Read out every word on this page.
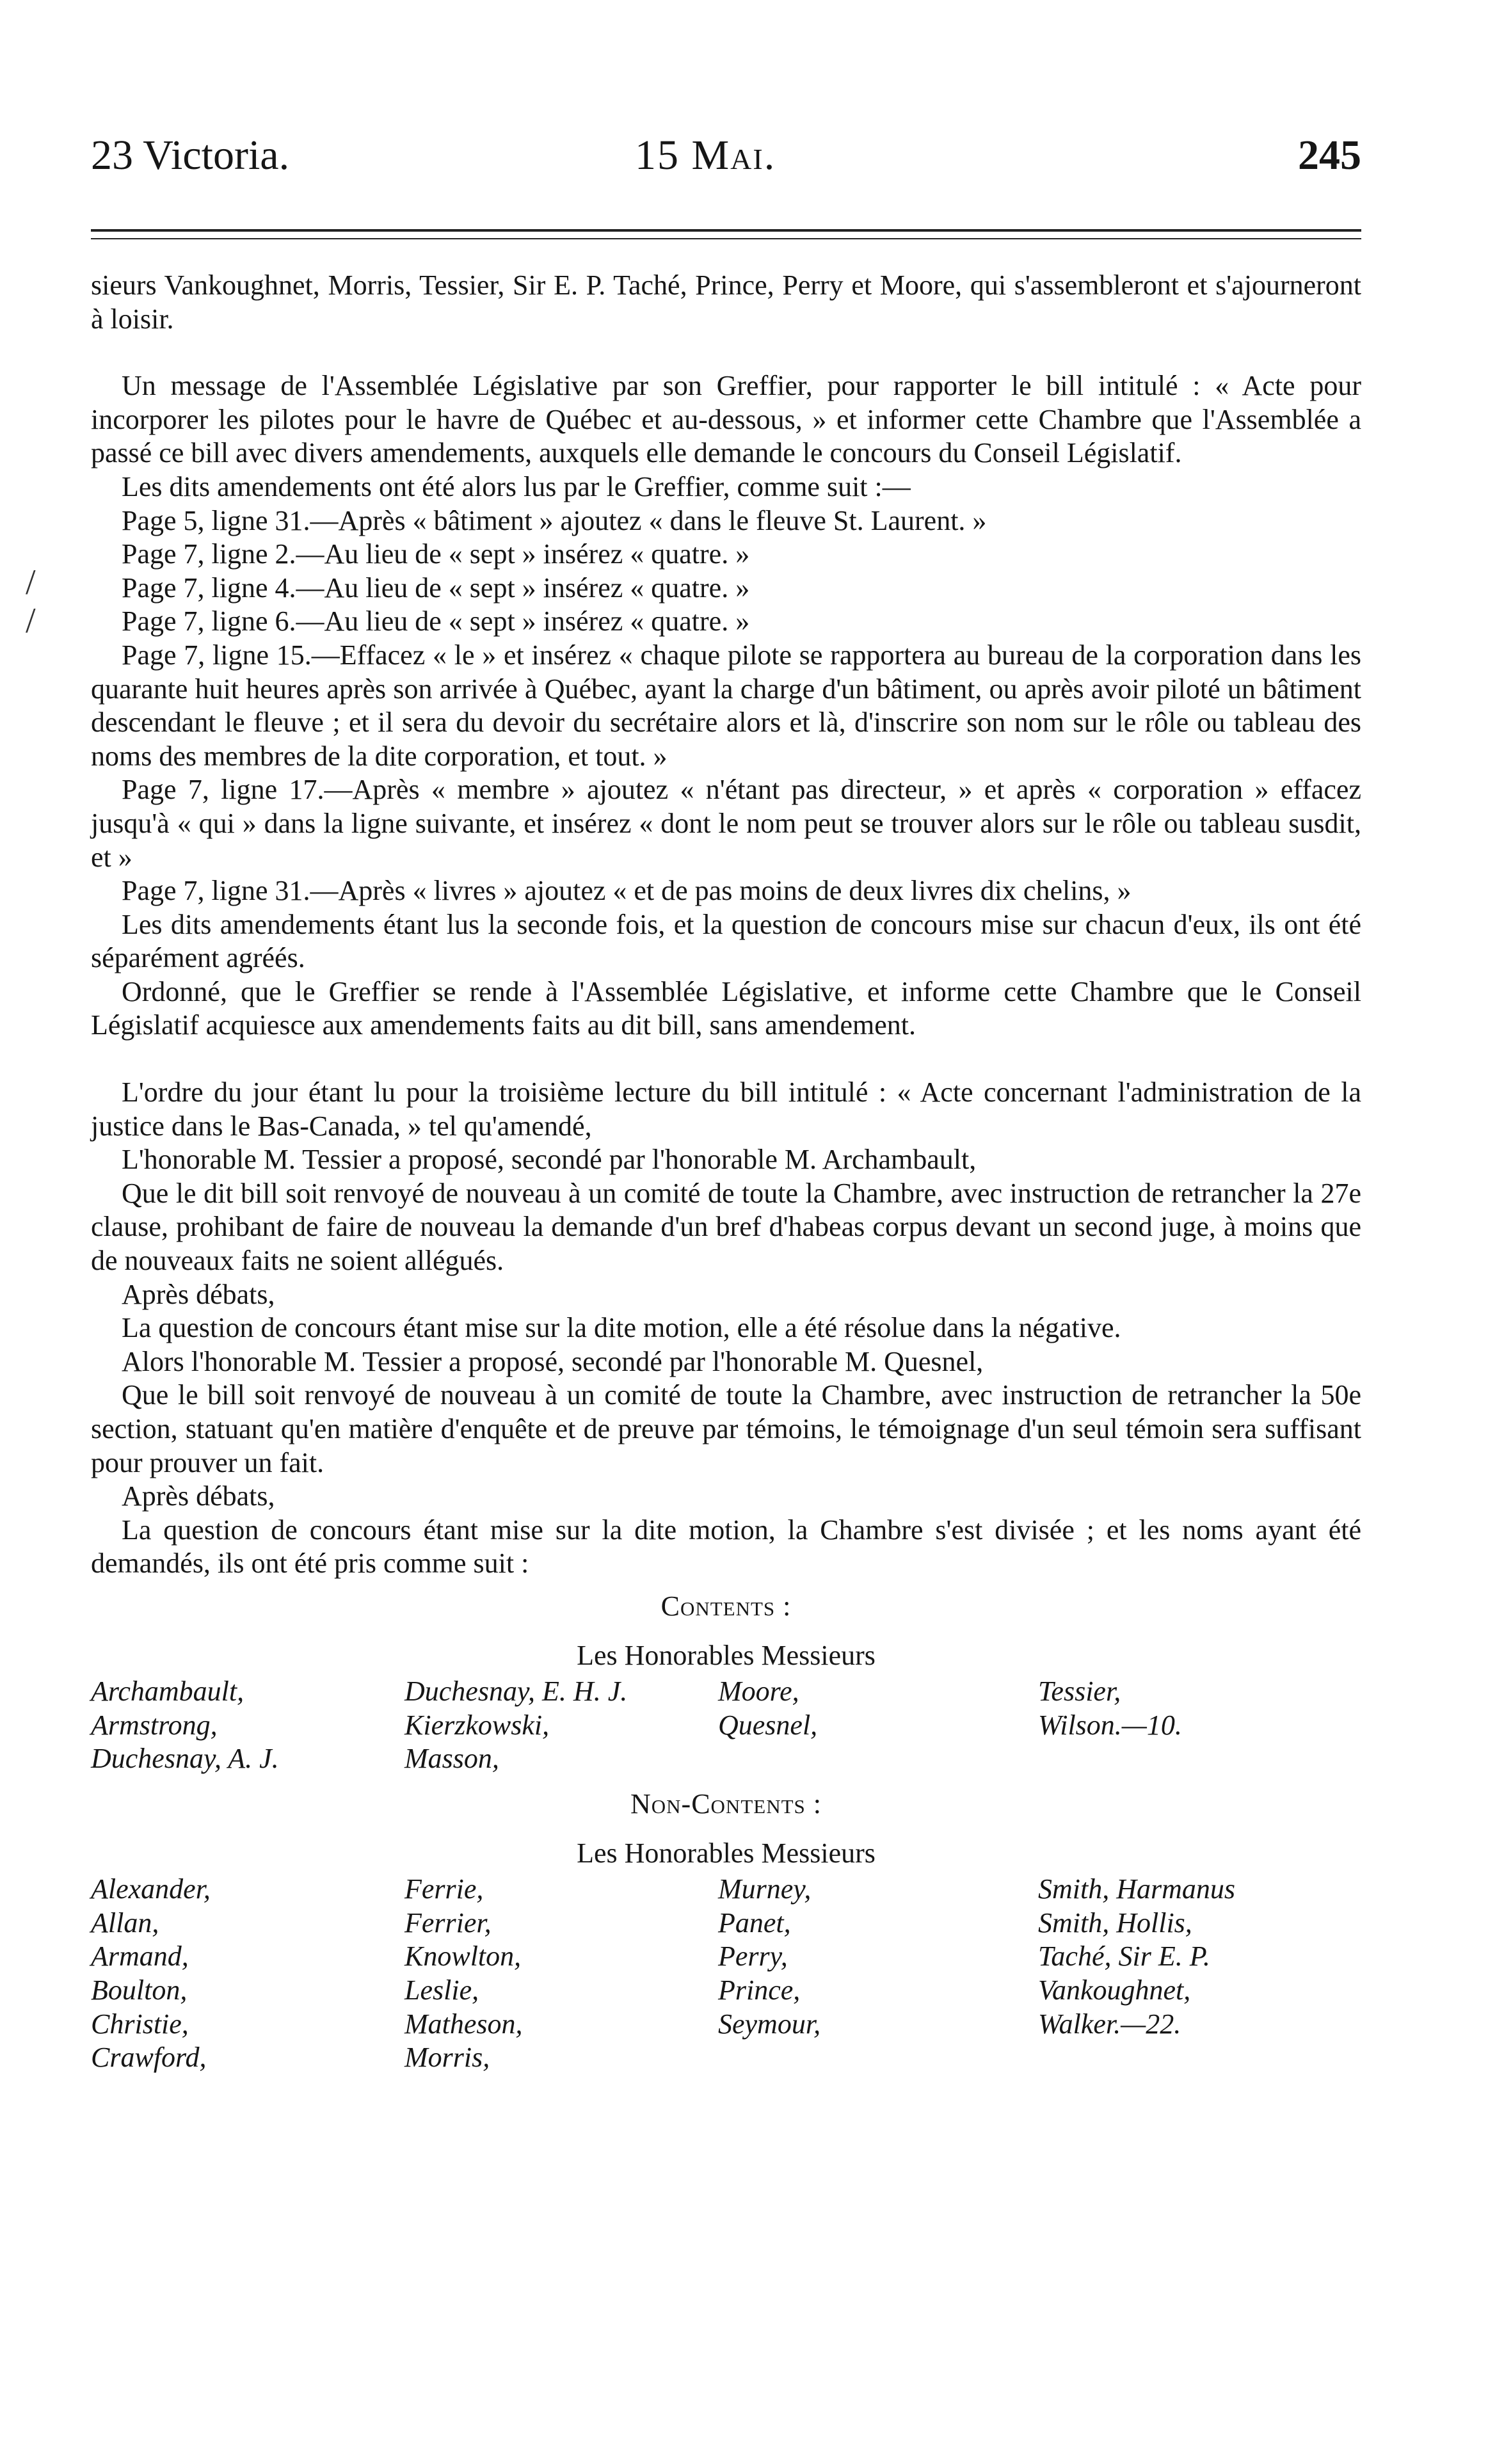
23 Victoria.	15 Mai.	245
/
/

sieurs Vankoughnet, Morris, Tessier, Sir E. P. Taché, Prince, Perry et Moore, qui s'assembleront et s'ajourneront à loisir.

Un message de l'Assemblée Législative par son Greffier, pour rapporter le bill intitulé : « Acte pour incorporer les pilotes pour le havre de Québec et au-dessous, » et informer cette Chambre que l'Assemblée a passé ce bill avec divers amendements, auxquels elle demande le concours du Conseil Législatif.

Les dits amendements ont été alors lus par le Greffier, comme suit :—

Page 5, ligne 31.—Après « bâtiment » ajoutez « dans le fleuve St. Laurent. »

Page 7, ligne 2.—Au lieu de « sept » insérez « quatre. »

Page 7, ligne 4.—Au lieu de « sept » insérez « quatre. »

Page 7, ligne 6.—Au lieu de « sept » insérez « quatre. »

Page 7, ligne 15.—Effacez « le » et insérez « chaque pilote se rapportera au bureau de la corporation dans les quarante huit heures après son arrivée à Québec, ayant la charge d'un bâtiment, ou après avoir piloté un bâtiment descendant le fleuve ; et il sera du devoir du secrétaire alors et là, d'inscrire son nom sur le rôle ou tableau des noms des membres de la dite corporation, et tout. »

Page 7, ligne 17.—Après « membre » ajoutez « n'étant pas directeur, » et après « corporation » effacez jusqu'à « qui » dans la ligne suivante, et insérez « dont le nom peut se trouver alors sur le rôle ou tableau susdit, et »

Page 7, ligne 31.—Après « livres » ajoutez « et de pas moins de deux livres dix chelins, »

Les dits amendements étant lus la seconde fois, et la question de concours mise sur chacun d'eux, ils ont été séparément agréés.

Ordonné, que le Greffier se rende à l'Assemblée Législative, et informe cette Chambre que le Conseil Législatif acquiesce aux amendements faits au dit bill, sans amendement.

L'ordre du jour étant lu pour la troisième lecture du bill intitulé : « Acte concernant l'administration de la justice dans le Bas-Canada, » tel qu'amendé,

L'honorable M. Tessier a proposé, secondé par l'honorable M. Archambault,

Que le dit bill soit renvoyé de nouveau à un comité de toute la Chambre, avec instruction de retrancher la 27e clause, prohibant de faire de nouveau la demande d'un bref d'habeas corpus devant un second juge, à moins que de nouveaux faits ne soient allégués.

Après débats,

La question de concours étant mise sur la dite motion, elle a été résolue dans la négative.

Alors l'honorable M. Tessier a proposé, secondé par l'honorable M. Quesnel,

Que le bill soit renvoyé de nouveau à un comité de toute la Chambre, avec instruction de retrancher la 50e section, statuant qu'en matière d'enquête et de preuve par témoins, le témoignage d'un seul témoin sera suffisant pour prouver un fait.

Après débats,

La question de concours étant mise sur la dite motion, la Chambre s'est divisée ; et les noms ayant été demandés, ils ont été pris comme suit :

Contents :

Les Honorables Messieurs

Archambault,
Armstrong,
Duchesnay, A. J.
Duchesnay, E. H. J.
Kierzkowski,
Masson,
Moore,
Quesnel,
Tessier,
Wilson.—10.

Non-Contents :

Les Honorables Messieurs

Alexander,
Allan,
Armand,
Boulton,
Christie,
Crawford,
Ferrie,
Ferrier,
Knowlton,
Leslie,
Matheson,
Morris,
Murney,
Panet,
Perry,
Prince,
Seymour,
Smith, Harmanus
Smith, Hollis,
Taché, Sir E. P.
Vankoughnet,
Walker.—22.
